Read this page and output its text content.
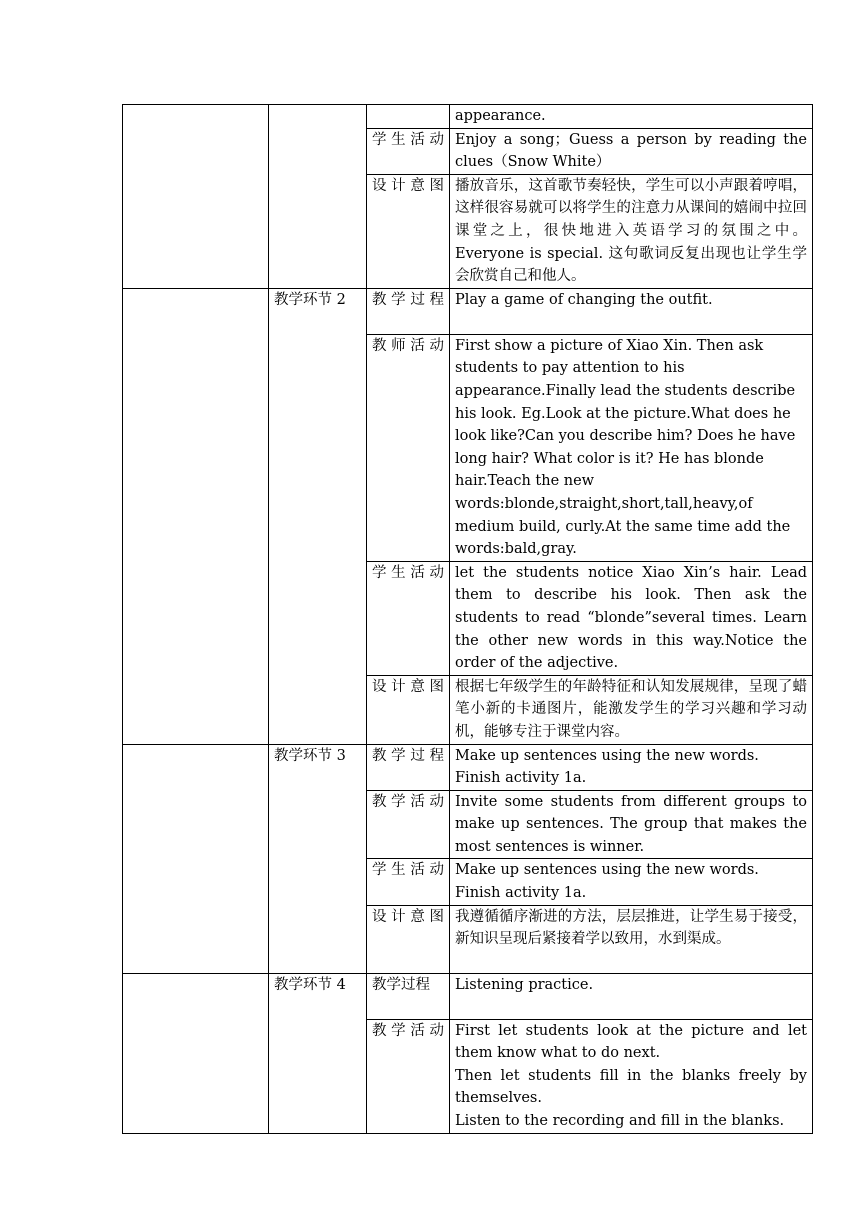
			appearance.

		学生活动	Enjoy a song；Guess a person by reading the clues（Snow White）

		设计意图	播放音乐，这首歌节奏轻快，学生可以小声跟着哼唱，这样很容易就可以将学生的注意力从课间的嬉闹中拉回课堂之上，很快地进入英语学习的氛围之中。Everyone is special. 这句歌词反复出现也让学生学会欣赏自己和他人。

	教学环节 2	教学过程	Play a game of changing the outfit.

		教师活动	First show a picture of Xiao Xin. Then ask students to pay attention to his appearance.Finally lead the students describe his look. Eg.Look at the picture.What does he look like?Can you describe him? Does he have long hair? What color is it? He has blonde hair.Teach the new words:blonde,straight,short,tall,heavy,of medium build, curly.At the same time add the words:bald,gray.

		学生活动	let the students notice Xiao Xin’s hair. Lead them to describe his look. Then ask the students to read “blonde”several times. Learn the other new words in this way.Notice the order of the adjective.

		设计意图	根据七年级学生的年龄特征和认知发展规律，呈现了蜡笔小新的卡通图片，能激发学生的学习兴趣和学习动机，能够专注于课堂内容。

	教学环节 3	教学过程	Make up sentences using the new words.
Finish activity 1a.

		教学活动	Invite some students from different groups to make up sentences. The group that makes the most sentences is winner.

		学生活动	Make up sentences using the new words.
Finish activity 1a.

		设计意图	我遵循循序渐进的方法，层层推进，让学生易于接受，新知识呈现后紧接着学以致用，水到渠成。

	教学环节 4	教学过程	Listening practice.

		教学活动	First let students look at the picture and let them know what to do next.
Then let students fill in the blanks freely by themselves.
Listen to the recording and fill in the blanks.
